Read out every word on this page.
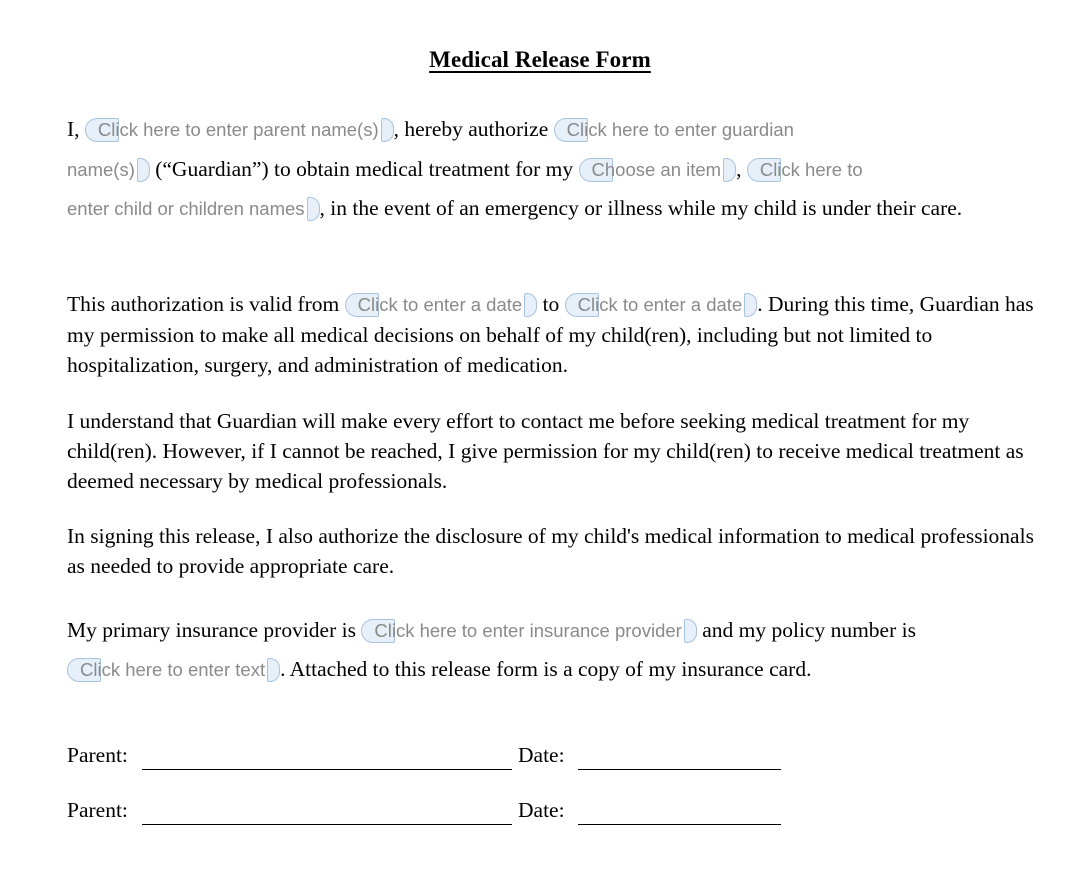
Medical Release Form

I, Click here to enter parent name(s) , hereby authorize Click here to enter guardian
name(s) (“Guardian”) to obtain medical treatment for my Choose an item , Click here to
enter child or children names , in the event of an emergency or illness while my child is under their care.

This authorization is valid from Click to enter a date to Click to enter a date . During this time, Guardian has my permission to make all medical decisions on behalf of my child(ren), including but not limited to hospitalization, surgery, and administration of medication.

I understand that Guardian will make every effort to contact me before seeking medical treatment for my child(ren). However, if I cannot be reached, I give permission for my child(ren) to receive medical treatment as deemed necessary by medical professionals.

In signing this release, I also authorize the disclosure of my child's medical information to medical professionals as needed to provide appropriate care.

My primary insurance provider is Click here to enter insurance provider and my policy number is Click here to enter text . Attached to this release form is a copy of my insurance card.

Parent:	Date:
Parent:	Date:
